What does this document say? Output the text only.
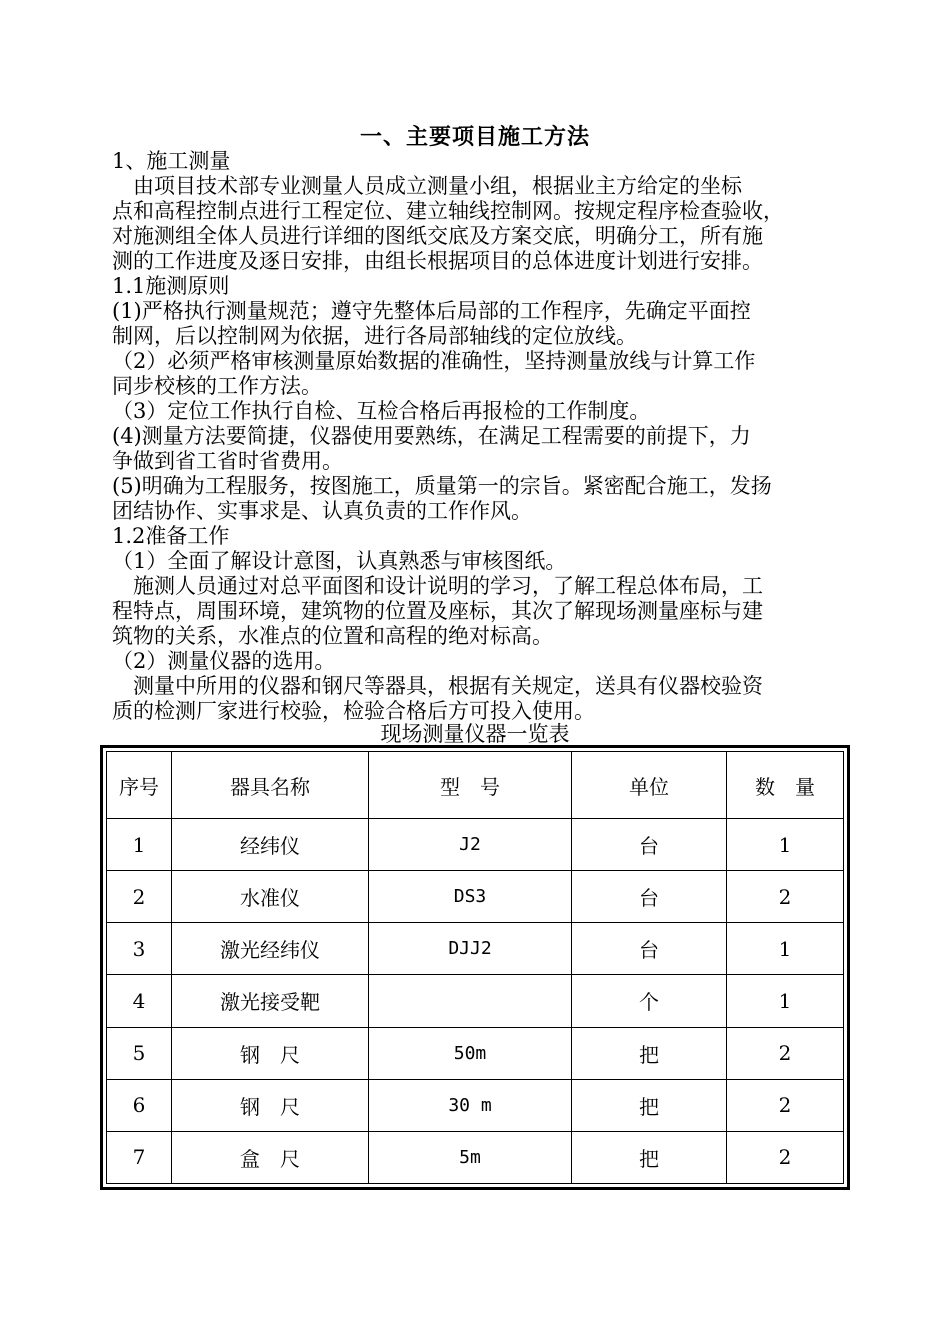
一、主要项目施工方法
1、施工测量
　由项目技术部专业测量人员成立测量小组，根据业主方给定的坐标
点和高程控制点进行工程定位、建立轴线控制网。按规定程序检查验收，
对施测组全体人员进行详细的图纸交底及方案交底，明确分工，所有施
测的工作进度及逐日安排，由组长根据项目的总体进度计划进行安排。
1.1施测原则
(1)严格执行测量规范；遵守先整体后局部的工作程序，先确定平面控
制网，后以控制网为依据，进行各局部轴线的定位放线。
（2）必须严格审核测量原始数据的准确性，坚持测量放线与计算工作
同步校核的工作方法。
（3）定位工作执行自检、互检合格后再报检的工作制度。
(4)测量方法要简捷，仪器使用要熟练，在满足工程需要的前提下，力
争做到省工省时省费用。
(5)明确为工程服务，按图施工，质量第一的宗旨。紧密配合施工，发扬
团结协作、实事求是、认真负责的工作作风。
1.2准备工作
（1）全面了解设计意图，认真熟悉与审核图纸。
　施测人员通过对总平面图和设计说明的学习，了解工程总体布局，工
程特点，周围环境，建筑物的位置及座标，其次了解现场测量座标与建
筑物的关系，水准点的位置和高程的绝对标高。
（2）测量仪器的选用。
　测量中所用的仪器和钢尺等器具，根据有关规定，送具有仪器校验资
质的检测厂家进行校验，检验合格后方可投入使用。
现场测量仪器一览表
序号	器具名称	型　号	单位	数　量
1	经纬仪	J2	台	1
2	水准仪	DS3	台	2
3	激光经纬仪	DJJ2	台	1
4	激光接受靶		个	1
5	钢　尺	50m	把	2
6	钢　尺	30 m	把	2
7	盒　尺	5m	把	2
